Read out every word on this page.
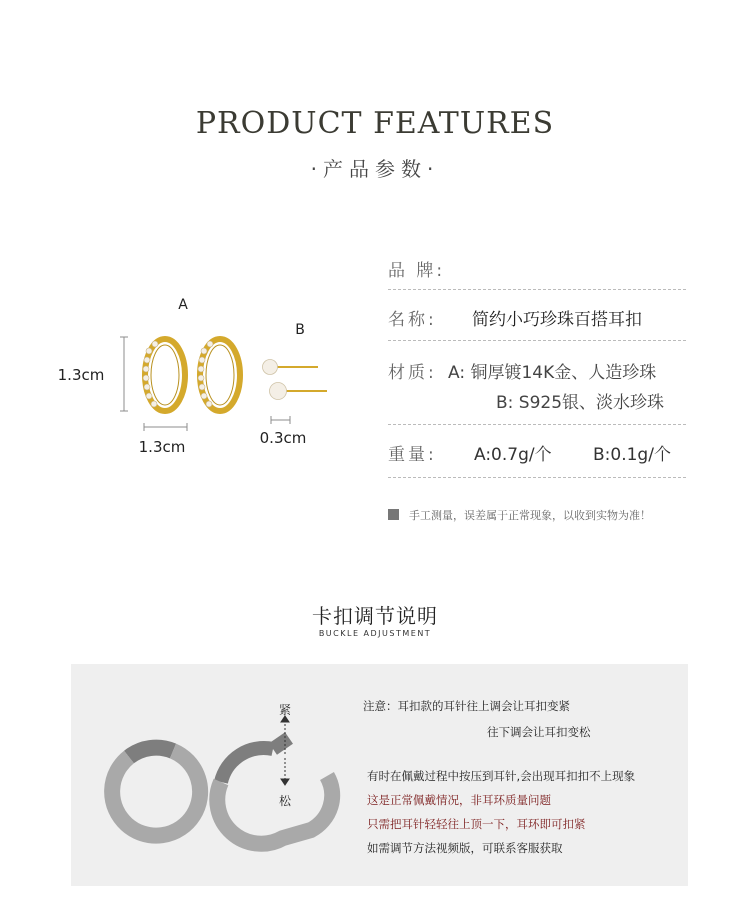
PRODUCT FEATURES
·产品参数·
A
B
1.3cm
1.3cm	0.3cm
品 牌:
名称: 简约小巧珍珠百搭耳扣
材质: A: 铜厚镀14K金、人造珍珠
B: S925银、淡水珍珠
重量: A:0.7g/个 B:0.1g/个
手工测量，误差属于正常现象，以收到实物为准！
卡扣调节说明
BUCKLE ADJUSTMENT
紧
松
注意：耳扣款的耳针往上调会让耳扣变紧
往下调会让耳扣变松
有时在佩戴过程中按压到耳针,会出现耳扣扣不上现象
这是正常佩戴情况，非耳环质量问题
只需把耳针轻轻往上顶一下，耳环即可扣紧
如需调节方法视频版，可联系客服获取
